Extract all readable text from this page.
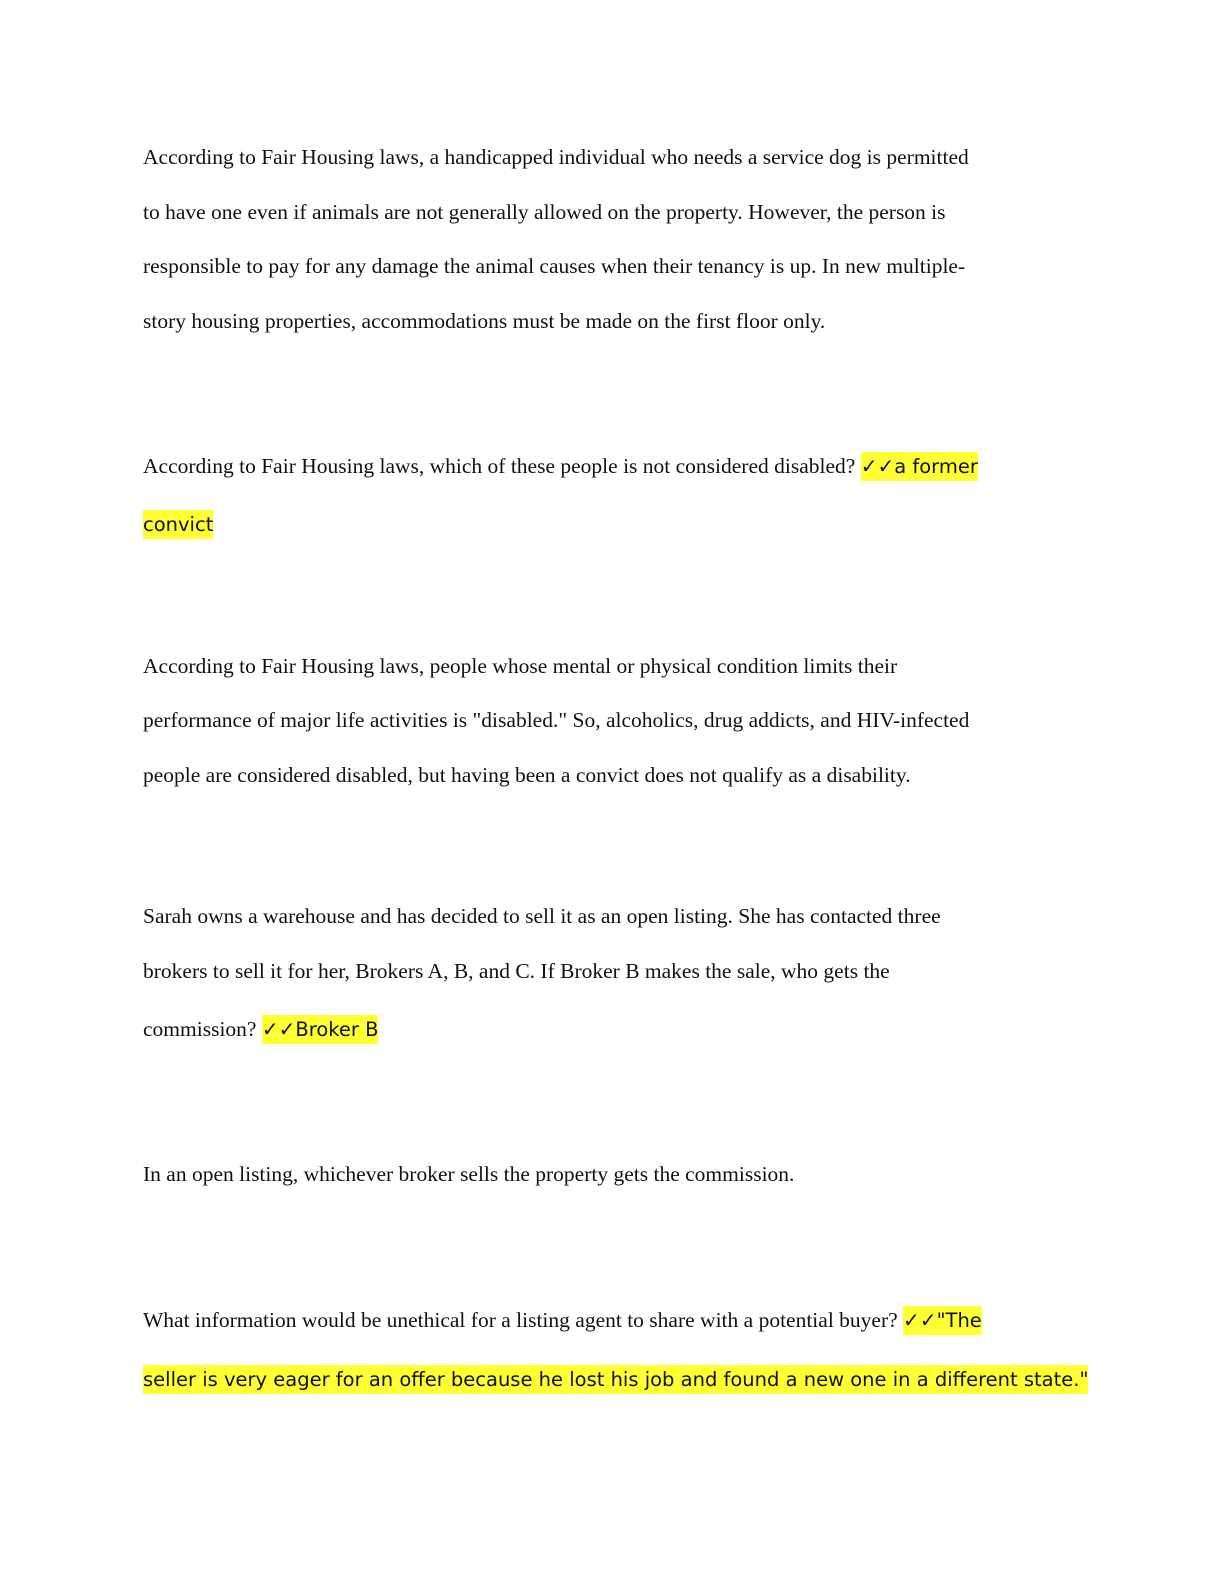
According to Fair Housing laws, a handicapped individual who needs a service dog is permitted
to have one even if animals are not generally allowed on the property. However, the person is
responsible to pay for any damage the animal causes when their tenancy is up. In new multiple-
story housing properties, accommodations must be made on the first floor only.
According to Fair Housing laws, which of these people is not considered disabled? ✓✓a former
convict
According to Fair Housing laws, people whose mental or physical condition limits their
performance of major life activities is "disabled." So, alcoholics, drug addicts, and HIV-infected
people are considered disabled, but having been a convict does not qualify as a disability.
Sarah owns a warehouse and has decided to sell it as an open listing. She has contacted three
brokers to sell it for her, Brokers A, B, and C. If Broker B makes the sale, who gets the
commission? ✓✓Broker B
In an open listing, whichever broker sells the property gets the commission.
What information would be unethical for a listing agent to share with a potential buyer? ✓✓"The
seller is very eager for an offer because he lost his job and found a new one in a different state."
